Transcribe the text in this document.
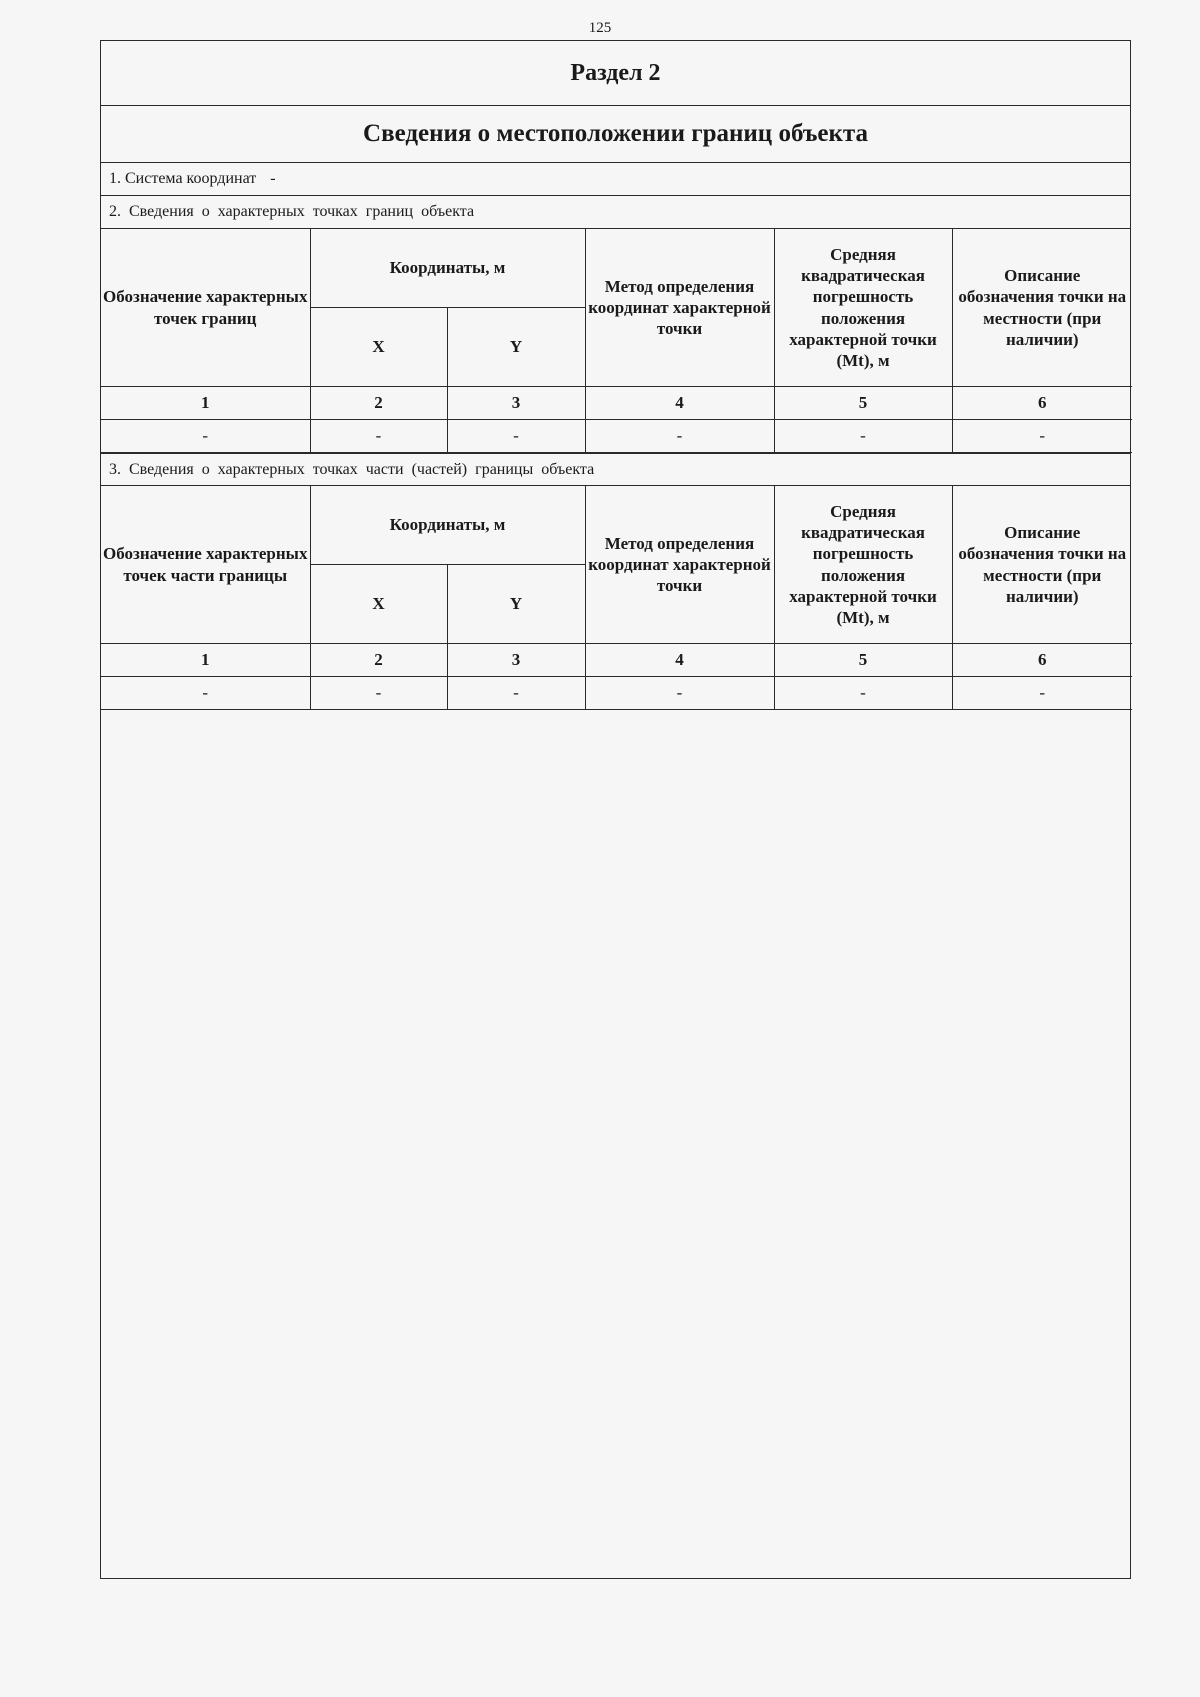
125
Раздел 2
Сведения о местоположении границ объекта
1. Система координат -
2. Сведения о характерных точках границ объекта
Обозначение характерных точек границ	Координаты, м		Метод определения координат характерной точки	Средняя квадратическая погрешность положения характерной точки (Mt), м	Описание обозначения точки на местности (при наличии)
	X	Y			
1	2	3	4	5	6
-	-	-	-	-	-
3. Сведения о характерных точках части (частей) границы объекта
Обозначение характерных точек части границы	Координаты, м		Метод определения координат характерной точки	Средняя квадратическая погрешность положения характерной точки (Mt), м	Описание обозначения точки на местности (при наличии)
	X	Y			
1	2	3	4	5	6
-	-	-	-	-	-
